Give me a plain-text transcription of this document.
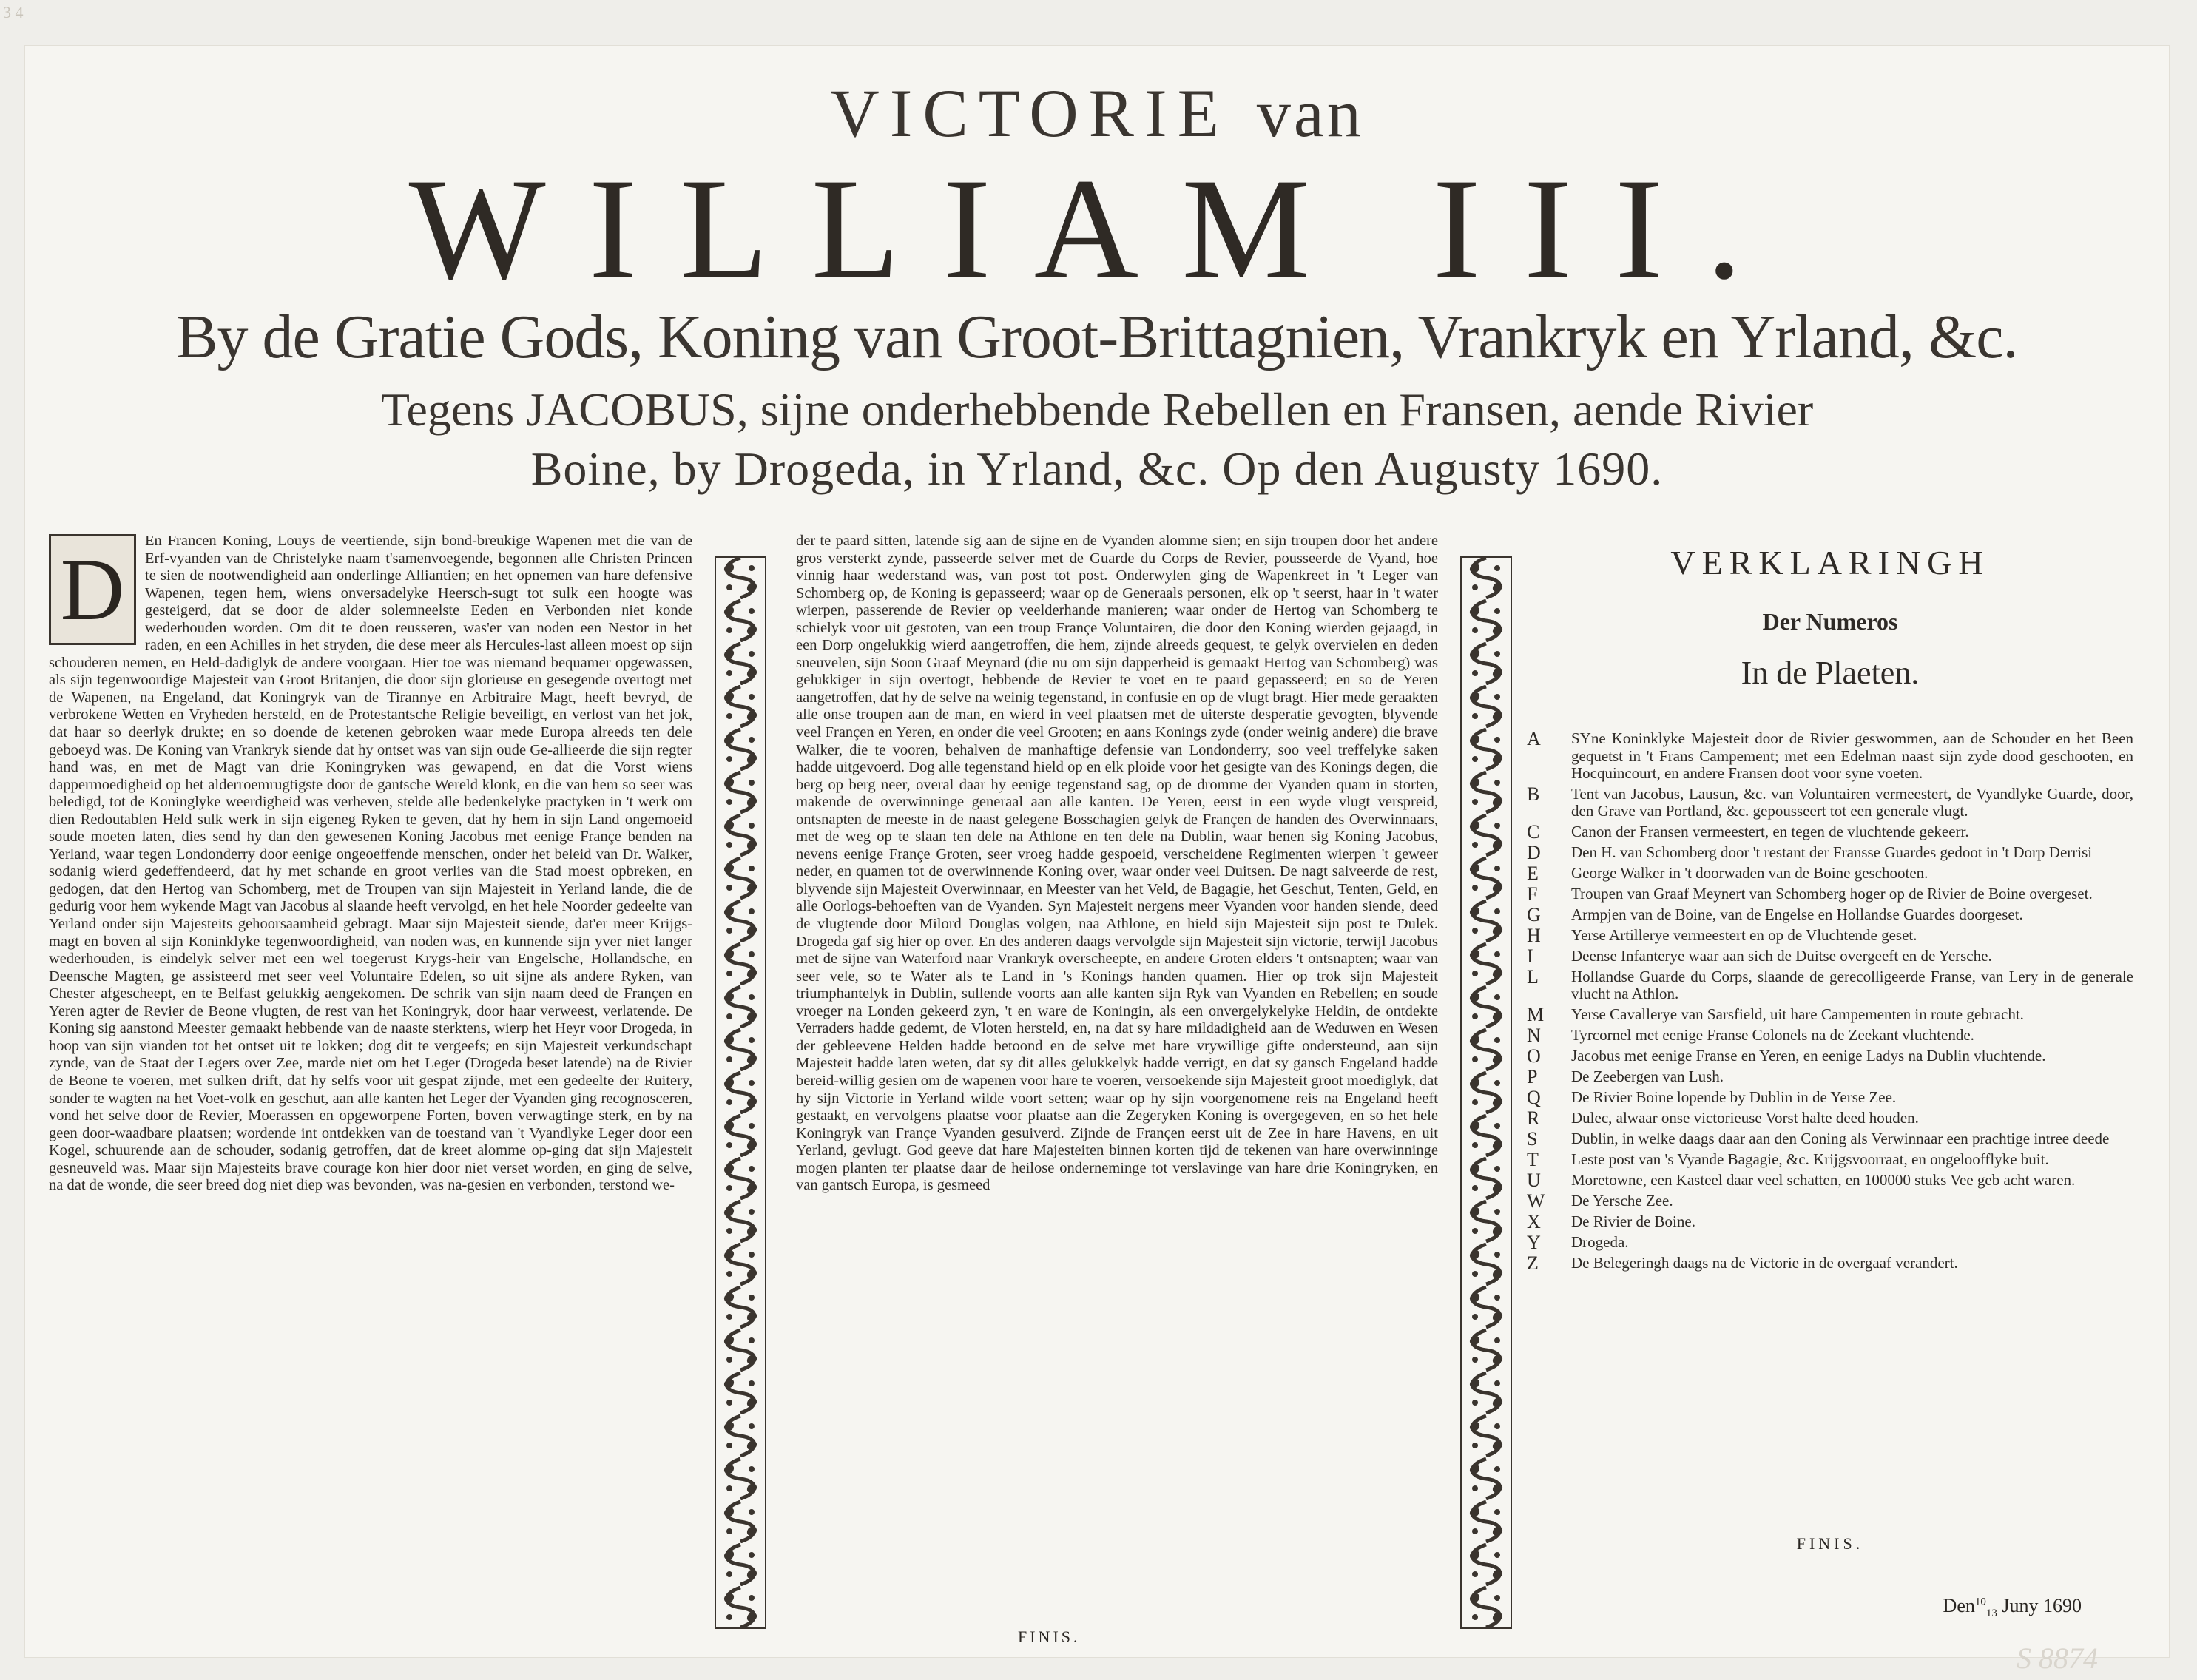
3 4
VICTORIE van
WILLIAM III.
By de Gratie Gods, Koning van Groot-Brittagnien, Vrankryk en Yrland, &c.
Tegens JACOBUS, sijne onderhebbende Rebellen en Fransen, aende Rivier
Boine, by Drogeda, in Yrland, &c. Op den Augusty 1690.
D	En Francen Koning, Louys de veertiende, sijn bond-breukige Wapenen met die van de Erf-vyanden van de Christelyke naam t'samenvoegende, begonnen alle Christen Princen te sien de nootwendigheid aan onderlinge Alliantien; en het opnemen van hare defensive Wapenen, tegen hem, wiens onversadelyke Heersch-sugt tot sulk een hoogte was gesteigerd, dat se door de alder solemneelste Eeden en Verbonden niet konde wederhouden worden. Om dit te doen reusseren, was'er van noden een Nestor in het raden, en een Achilles in het stryden, die dese meer als Hercules-last alleen moest op sijn schouderen nemen, en Held-dadiglyk de andere voorgaan. Hier toe was niemand bequamer opgewassen, als sijn tegenwoordige Majesteit van Groot Britanjen, die door sijn glorieuse en gesegende overtogt met de Wapenen, na Engeland, dat Koningryk van de Tirannye en Arbitraire Magt, heeft bevryd, de verbrokene Wetten en Vryheden hersteld, en de Protestantsche Religie beveiligt, en verlost van het jok, dat haar so deerlyk drukte; en so doende de ketenen gebroken waar mede Europa alreeds ten dele geboeyd was. De Koning van Vrankryk siende dat hy ontset was van sijn oude Ge-allieerde die sijn regter hand was, en met de Magt van drie Koningryken was gewapend, en dat die Vorst wiens dappermoedigheid op het alderroemrugtigste door de gantsche Wereld klonk, en die van hem so seer was beledigd, tot de Koninglyke weerdigheid was verheven, stelde alle bedenkelyke practyken in 't werk om dien Redoutablen Held sulk werk in sijn eigeneg Ryken te geven, dat hy hem in sijn Land ongemoeid soude moeten laten, dies send hy dan den gewesenen Koning Jacobus met eenige Françe benden na Yerland, waar tegen Londonderry door eenige ongeoeffende menschen, onder het beleid van Dr. Walker, sodanig wierd gedeffendeerd, dat hy met schande en groot verlies van die Stad moest opbreken, en gedogen, dat den Hertog van Schomberg, met de Troupen van sijn Majesteit in Yerland lande, die de gedurig voor hem wykende Magt van Jacobus al slaande heeft vervolgd, en het hele Noorder gedeelte van Yerland onder sijn Majesteits gehoorsaamheid gebragt. Maar sijn Majesteit siende, dat'er meer Krijgs-magt en boven al sijn Koninklyke tegenwoordigheid, van noden was, en kunnende sijn yver niet langer wederhouden, is eindelyk selver met een wel toegerust Krygs-heir van Engelsche, Hollandsche, en Deensche Magten, ge assisteerd met seer veel Voluntaire Edelen, so uit sijne als andere Ryken, van Chester afgescheept, en te Belfast gelukkig aengekomen. De schrik van sijn naam deed de Françen en Yeren agter de Revier de Beone vlugten, de rest van het Koningryk, door haar verweest, verlatende. De Koning sig aanstond Meester gemaakt hebbende van de naaste sterktens, wierp het Heyr voor Drogeda, in hoop van sijn vianden tot het ontset uit te lokken; dog dit te vergeefs; en sijn Majesteit verkundschapt zynde, van de Staat der Legers over Zee, marde niet om het Leger (Drogeda beset latende) na de Rivier de Beone te voeren, met sulken drift, dat hy selfs voor uit gespat zijnde, met een gedeelte der Ruitery, sonder te wagten na het Voet-volk en geschut, aan alle kanten het Leger der Vyanden ging recognosceren, vond het selve door de Revier, Moerassen en opgeworpene Forten, boven verwagtinge sterk, en by na geen door-waadbare plaatsen; wordende int ontdekken van de toestand van 't Vyandlyke Leger door een Kogel, schuurende aan de schouder, sodanig getroffen, dat de kreet alomme op-ging dat sijn Majesteit gesneuveld was. Maar sijn Majesteits brave courage kon hier door niet verset worden, en ging de selve, na dat de wonde, die seer breed dog niet diep was bevonden, was na-gesien en verbonden, terstond we-
der te paard sitten, latende sig aan de sijne en de Vyanden alomme sien; en sijn troupen door het andere gros versterkt zynde, passeerde selver met de Guarde du Corps de Revier, pousseerde de Vyand, hoe vinnig haar wederstand was, van post tot post. Onderwylen ging de Wapenkreet in 't Leger van Schomberg op, de Koning is gepasseerd; waar op de Generaals personen, elk op 't seerst, haar in 't water wierpen, passerende de Revier op veelderhande manieren; waar onder de Hertog van Schomberg te schielyk voor uit gestoten, van een troup Françe Voluntairen, die door den Koning wierden gejaagd, in een Dorp ongelukkig wierd aangetroffen, die hem, zijnde alreeds gequest, te gelyk overvielen en deden sneuvelen, sijn Soon Graaf Meynard (die nu om sijn dapperheid is gemaakt Hertog van Schomberg) was gelukkiger in sijn overtogt, hebbende de Revier te voet en te paard gepasseerd; en so de Yeren aangetroffen, dat hy de selve na weinig tegenstand, in confusie en op de vlugt bragt. Hier mede geraakten alle onse troupen aan de man, en wierd in veel plaatsen met de uiterste desperatie gevogten, blyvende veel Françen en Yeren, en onder die veel Grooten; en aans Konings zyde (onder weinig andere) die brave Walker, die te vooren, behalven de manhaftige defensie van Londonderry, soo veel treffelyke saken hadde uitgevoerd. Dog alle tegenstand hield op en elk ploide voor het gesigte van des Konings degen, die berg op berg neer, overal daar hy eenige tegenstand sag, op de dromme der Vyanden quam in storten, makende de overwinninge generaal aan alle kanten. De Yeren, eerst in een wyde vlugt verspreid, ontsnapten de meeste in de naast gelegene Bosschagien gelyk de Françen de handen des Overwinnaars, met de weg op te slaan ten dele na Athlone en ten dele na Dublin, waar henen sig Koning Jacobus, nevens eenige Françe Groten, seer vroeg hadde gespoeid, verscheidene Regimenten wierpen 't geweer neder, en quamen tot de overwinnende Koning over, waar onder veel Duitsen. De nagt salveerde de rest, blyvende sijn Majesteit Overwinnaar, en Meester van het Veld, de Bagagie, het Geschut, Tenten, Geld, en alle Oorlogs-behoeften van de Vyanden. Syn Majesteit nergens meer Vyanden voor handen siende, deed de vlugtende door Milord Douglas volgen, naa Athlone, en hield sijn Majesteit sijn post te Dulek. Drogeda gaf sig hier op over. En des anderen daags vervolgde sijn Majesteit sijn victorie, terwijl Jacobus met de sijne van Waterford naar Vrankryk overscheepte, en andere Groten elders 't ontsnapten; waar van seer vele, so te Water als te Land in 's Konings handen quamen. Hier op trok sijn Majesteit triumphantelyk in Dublin, sullende voorts aan alle kanten sijn Ryk van Vyanden en Rebellen; en soude vroeger na Londen gekeerd zyn, 't en ware de Koningin, als een onvergelykelyke Heldin, de ontdekte Verraders hadde gedemt, de Vloten hersteld, en, na dat sy hare mildadigheid aan de Weduwen en Wesen der gebleevene Helden hadde betoond en de selve met hare vrywillige gifte ondersteund, aan sijn Majesteit hadde laten weten, dat sy dit alles gelukkelyk hadde verrigt, en dat sy gansch Engeland hadde bereid-willig gesien om de wapenen voor hare te voeren, versoekende sijn Majesteit groot moediglyk, dat hy sijn Victorie in Yerland wilde voort setten; waar op hy sijn voorgenomene reis na Engeland heeft gestaakt, en vervolgens plaatse voor plaatse aan die Zegeryken Koning is overgegeven, en so het hele Koningryk van Françe Vyanden gesuiverd. Zijnde de Françen eerst uit de Zee in hare Havens, en uit Yerland, gevlugt. God geeve dat hare Majesteiten binnen korten tijd de tekenen van hare overwinninge mogen planten ter plaatse daar de heilose onderneminge tot verslavinge van hare drie Koningryken, en van gantsch Europa, is gesmeed
FINIS.
VERKLARINGH
Der Numeros
In de Plaeten.
A	SYne Koninklyke Majesteit door de Rivier geswommen, aan de Schouder en het Been gequetst in 't Frans Campement; met een Edelman naast sijn zyde dood geschooten, en Hocquincourt, en andere Fransen doot voor syne voeten.
B	Tent van Jacobus, Lausun, &c. van Voluntairen vermeestert, de Vyandlyke Guarde, door, den Grave van Portland, &c. gepousseert tot een generale vlugt.
C	Canon der Fransen vermeestert, en tegen de vluchtende gekeerr.
D	Den H. van Schomberg door 't restant der Fransse Guardes gedoot in 't Dorp Derrisi
E	George Walker in 't doorwaden van de Boine geschooten.
F	Troupen van Graaf Meynert van Schomberg hoger op de Rivier de Boine overgeset.
G	Armpjen van de Boine, van de Engelse en Hollandse Guardes doorgeset.
H	Yerse Artillerye vermeestert en op de Vluchtende geset.
I	Deense Infanterye waar aan sich de Duitse overgeeft en de Yersche.
L	Hollandse Guarde du Corps, slaande de gerecolligeerde Franse, van Lery in de generale vlucht na Athlon.
M	Yerse Cavallerye van Sarsfield, uit hare Campementen in route gebracht.
N	Tyrcornel met eenige Franse Colonels na de Zeekant vluchtende.
O	Jacobus met eenige Franse en Yeren, en eenige Ladys na Dublin vluchtende.
P	De Zeebergen van Lush.
Q	De Rivier Boine lopende by Dublin in de Yerse Zee.
R	Dulec, alwaar onse victorieuse Vorst halte deed houden.
S	Dublin, in welke daags daar aan den Coning als Verwinnaar een prachtige intree deede
T	Leste post van 's Vyande Bagagie, &c. Krijgsvoorraat, en ongeloofflyke buit.
U	Moretowne, een Kasteel daar veel schatten, en 100000 stuks Vee geb acht waren.
W	De Yersche Zee.
X	De Rivier de Boine.
Y	Drogeda.
Z	De Belegeringh daags na de Victorie in de overgaaf verandert.
FINIS.
Den$^{10}_{13}$ Juny 1690
S 8874
